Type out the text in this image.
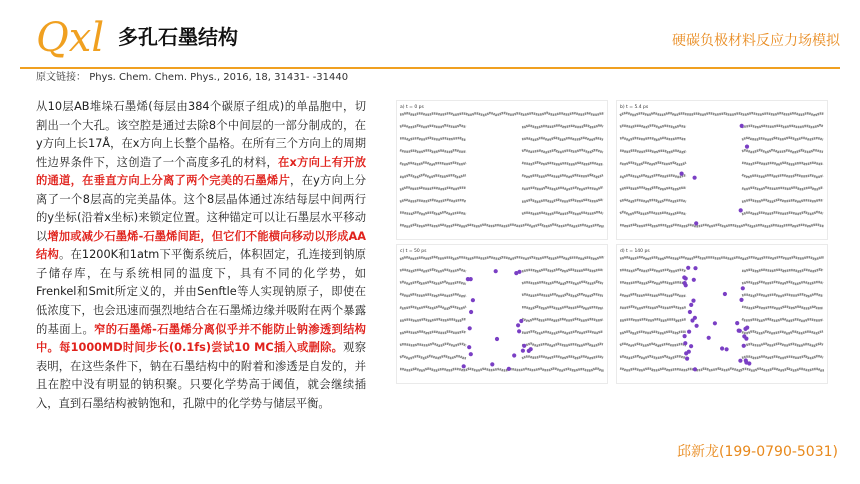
Qxl 多孔石墨结构	硬碳负极材料反应力场模拟
原文链接： Phys. Chem. Chem. Phys., 2016, 18, 31431- -31440
从10层AB堆垛石墨烯(每层由384个碳原子组成)的单晶胞中，切割出一个大孔。该空腔是通过去除8个中间层的一部分制成的，在y方向上长17Å，在x方向上长整个晶格。在所有三个方向上的周期性边界条件下，这创造了一个高度多孔的材料，在x方向上有开放的通道，在垂直方向上分离了两个完美的石墨烯片，在y方向上分离了一个8层高的完美晶体。这个8层晶体通过冻结每层中间两行的y坐标(沿着x坐标)来锁定位置。这种锚定可以让石墨层水平移动以增加或减少石墨烯-石墨烯间距，但它们不能横向移动以形成AA结构。在1200K和1atm下平衡系统后，体积固定，孔连接到钠原子储存库，在与系统相同的温度下，具有不同的化学势，如Frenkel和Smit所定义的，并由Senftle等人实现钠原子，即使在低浓度下，也会迅速而强烈地结合在石墨烯边缘并吸附在两个暴露的基面上。窄的石墨烯-石墨烯分离似乎并不能防止钠渗透到结构中。每1000MD时间步长(0.1fs)尝试10 MC插入或删除。观察表明，在这些条件下，钠在石墨结构中的附着和渗透是自发的，并且在腔中没有明显的钠积聚。只要化学势高于阈值，就会继续插入，直到石墨结构被钠饱和，孔隙中的化学势与储层平衡。
a) t = 0 ps	b) t = 5.4 ps
c) t = 50 ps	d) t = 140 ps
邱新龙(199-0790-5031)
